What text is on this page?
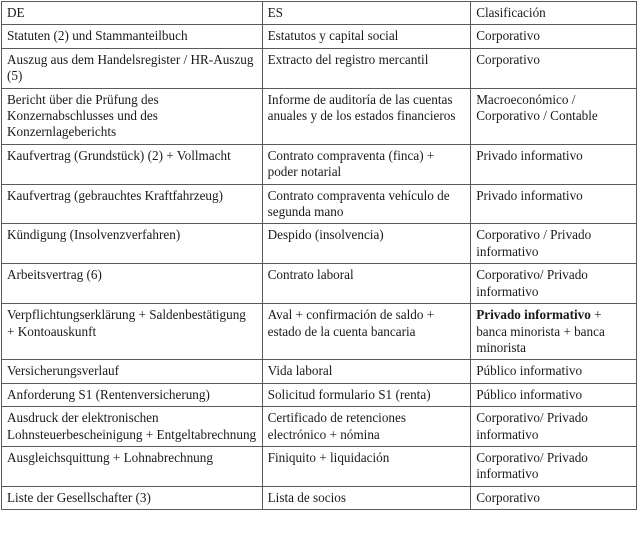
DE	ES	Clasificación
Statuten (2) und Stammanteilbuch	Estatutos y capital social	Corporativo
Auszug aus dem Handelsregister / HR-Auszug (5)	Extracto del registro mercantil	Corporativo
Bericht über die Prüfung des Konzernabschlusses und des Konzernlageberichts	Informe de auditoría de las cuentas anuales y de los estados financieros	Macroeconómico / Corporativo / Contable
Kaufvertrag (Grundstück) (2) + Vollmacht	Contrato compraventa (finca) + poder notarial	Privado informativo
Kaufvertrag (gebrauchtes Kraftfahrzeug)	Contrato compraventa vehículo de segunda mano	Privado informativo
Kündigung (Insolvenzverfahren)	Despido (insolvencia)	Corporativo / Privado informativo
Arbeitsvertrag (6)	Contrato laboral	Corporativo/ Privado informativo
Verpflichtungserklärung + Saldenbestätigung + Kontoauskunft	Aval + confirmación de saldo + estado de la cuenta bancaria	Privado informativo + banca minorista + banca minorista
Versicherungsverlauf	Vida laboral	Público informativo
Anforderung S1 (Rentenversicherung)	Solicitud formulario S1 (renta)	Público informativo
Ausdruck der elektronischen Lohnsteuerbescheinigung + Entgeltabrechnung	Certificado de retenciones electrónico + nómina	Corporativo/ Privado informativo
Ausgleichsquittung + Lohnabrechnung	Finiquito + liquidación	Corporativo/ Privado informativo
Liste der Gesellschafter (3)	Lista de socios	Corporativo
